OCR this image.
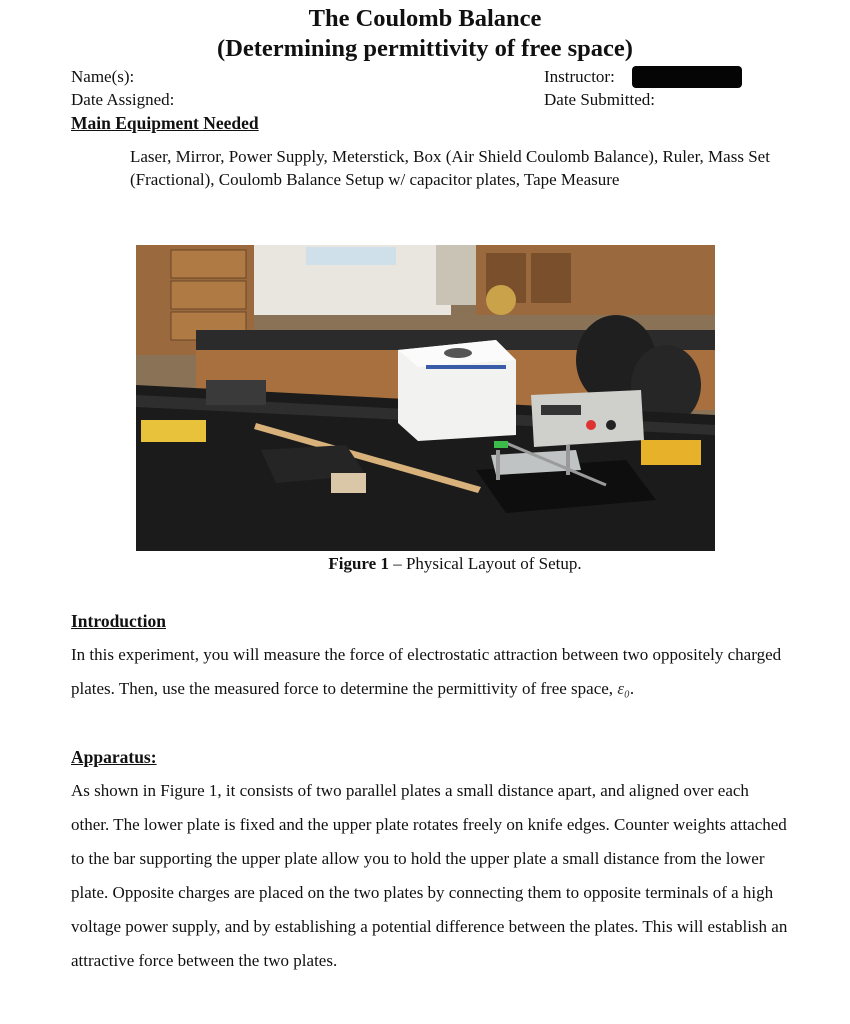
The Coulomb Balance
(Determining permittivity of free space)

Name(s):	Instructor:

Date Assigned:	Date Submitted:

Main Equipment Needed

Laser, Mirror, Power Supply, Meterstick, Box (Air Shield Coulomb Balance), Ruler, Mass Set (Fractional), Coulomb Balance Setup w/ capacitor plates, Tape Measure

Figure 1 – Physical Layout of Setup.

Introduction

In this experiment, you will measure the force of electrostatic attraction between two oppositely charged plates. Then, use the measured force to determine the permittivity of free space, ε₀.

Apparatus:

As shown in Figure 1, it consists of two parallel plates a small distance apart, and aligned over each other. The lower plate is fixed and the upper plate rotates freely on knife edges. Counter weights attached to the bar supporting the upper plate allow you to hold the upper plate a small distance from the lower plate. Opposite charges are placed on the two plates by connecting them to opposite terminals of a high voltage power supply, and by establishing a potential difference between the plates. This will establish an attractive force between the two plates.
